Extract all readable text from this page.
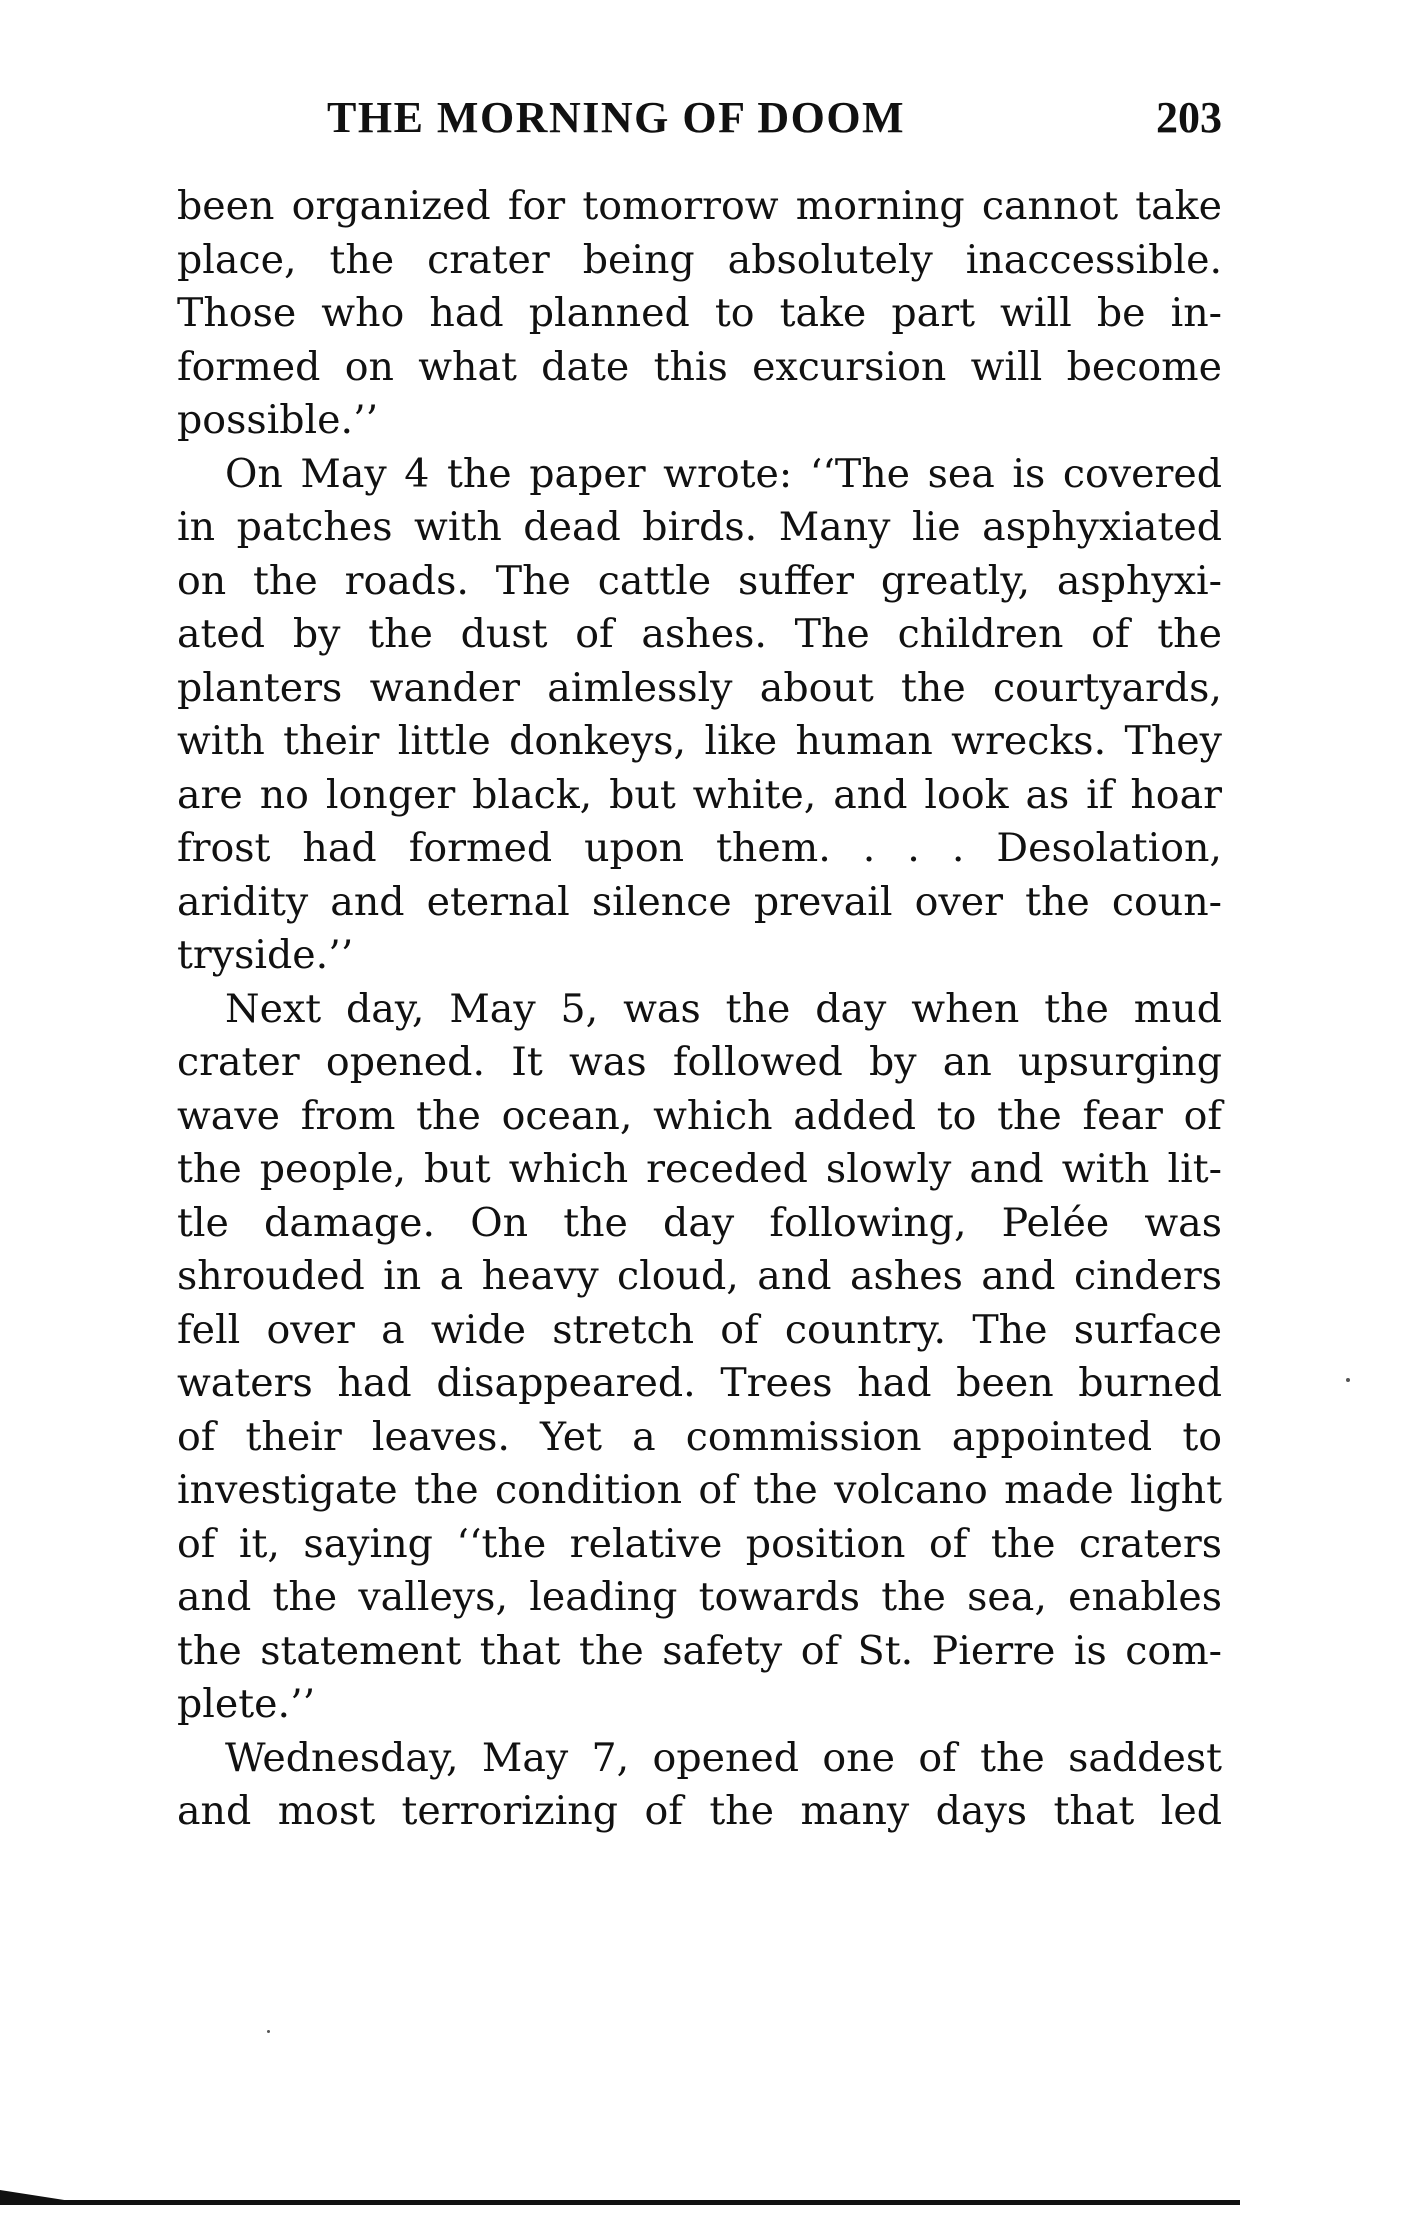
THE MORNING OF DOOM	203
been organized for tomorrow morning cannot take
place, the crater being absolutely inaccessible.
Those who had planned to take part will be in-
formed on what date this excursion will become
possible.’’
On May 4 the paper wrote: ‘‘The sea is covered
in patches with dead birds. Many lie asphyxiated
on the roads. The cattle suffer greatly, asphyxi-
ated by the dust of ashes. The children of the
planters wander aimlessly about the courtyards,
with their little donkeys, like human wrecks. They
are no longer black, but white, and look as if hoar
frost had formed upon them. . . . Desolation,
aridity and eternal silence prevail over the coun-
tryside.’’
Next day, May 5, was the day when the mud
crater opened. It was followed by an upsurging
wave from the ocean, which added to the fear of
the people, but which receded slowly and with lit-
tle damage. On the day following, Pelée was
shrouded in a heavy cloud, and ashes and cinders
fell over a wide stretch of country. The surface
waters had disappeared. Trees had been burned
of their leaves. Yet a commission appointed to
investigate the condition of the volcano made light
of it, saying ‘‘the relative position of the craters
and the valleys, leading towards the sea, enables
the statement that the safety of St. Pierre is com-
plete.’’
Wednesday, May 7, opened one of the saddest
and most terrorizing of the many days that led
